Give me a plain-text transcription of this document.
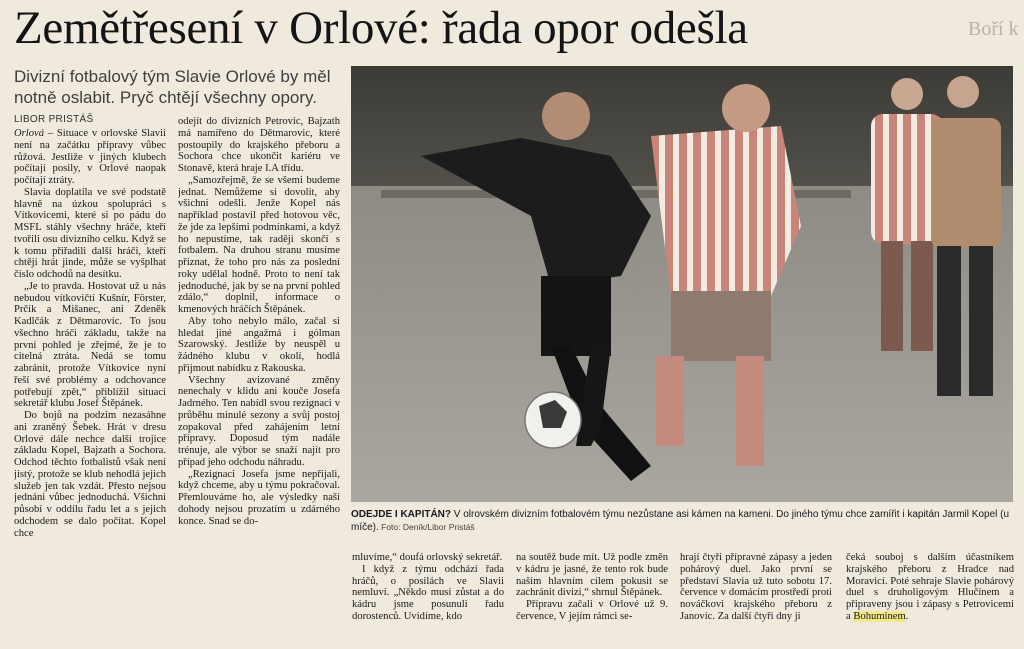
Zemětřesení v Orlové: řada opor odešla	Boří k
Divizní fotbalový tým Slavie Orlové by měl notně oslabit. Pryč chtějí všechny opory.
LIBOR PRISTÁŠ

Orlová – Situace v orlovské Slavii není na začátku přípravy vůbec růžová. Jestliže v jiných klubech počítají posily, v Orlové naopak počítají ztráty.

Slavia doplatila ve své podstatě hlavně na úzkou spolupráci s Vítkovicemi, které si po pádu do MSFL stáhly všechny hráče, kteří tvořili osu divizního celku. Když se k tomu přiřadili další hráči, kteří chtějí hrát jinde, může se vyšplhat číslo odchodů na desítku.

„Je to pravda. Hostovat už u nás nebudou vítkovičtí Kušnír, Förster, Prčík a Mišanec, ani Zdeněk Kadlčák z Dětmarovic. To jsou všechno hráči základu, takže na první pohled je zřejmé, že je to citelná ztráta. Nedá se tomu zabránit, protože Vítkovice nyní řeší své problémy a odchovance potřebují zpět,“ přiblížil situaci sekretář klubu Josef Štěpánek.

Do bojů na podzim nezasáhne ani zraněný Šebek. Hrát v dresu Orlové dále nechce další trojice základu Kopel, Bajzath a Sochora. Odchod těchto fotbalistů však není jistý, protože se klub nehodlá jejich služeb jen tak vzdát. Přesto nejsou jednáni vůbec jednoduchá. Všichni působí v oddílu řadu let a s jejich odchodem se dalo počítat. Kopel chce

odejít do divizních Petrovic, Bajzath má namířeno do Dětmarovic, které postoupily do krajského přeboru a Sochora chce ukončit kariéru ve Stonavě, která hraje I.A třídu.

„Samozřejmě, že se všemi budeme jednat. Nemůžeme si dovolit, aby všichni odešli. Jenže Kopel nás například postavil před hotovou věc, že jde za lepšími podmínkami, a když ho nepustíme, tak raději skončí s fotbalem. Na druhou stranu musíme přiznat, že toho pro nás za poslední roky udělal hodně. Proto to není tak jednoduché, jak by se na první pohled zdálo,“ doplnil, informace o kmenových hráčích Štěpánek.

Aby toho nebylo málo, začal si hledat jiné angažmá i gólman Szarowský. Jestliže by neuspěl u žádného klubu v okolí, hodlá přijmout nabídku z Rakouska.

Všechny avizované změny nenechaly v klidu ani kouče Josefa Jadrného. Ten nabídl svou rezignaci v průběhu minulé sezony a svůj postoj zopakoval před zahájením letní přípravy. Doposud tým nadále trénuje, ale výbor se snaží najít pro případ jeho odchodu náhradu.

„Rezignaci Josefa jsme nepřijali, když chceme, aby u týmu pokračoval. Přemlouváme ho, ale výsledky naší dohody nejsou prozatím u zdárného konce. Snad se do-

ODEJDE I KAPITÁN? V olrovském divizním fotbalovém týmu nezůstane asi kámen na kameni. Do jiného týmu chce zamířit i kapitán Jarmil Kopel (u míče). Foto: Deník/Libor Pristáš

mluvíme,“ doufá orlovský sekretář.

I když z týmu odchází řada hráčů, o posilách ve Slavii nemluví. „Někdo musí zůstat a do kádru jsme posunuli řadu dorostenců. Uvidíme, kdo

na soutěž bude mít. Už podle změn v kádru je jasné, že tento rok bude naším hlavním cílem pokusit se zachránit divizi,“ shrnul Štěpánek.

Přípravu začali v Orlové už 9. července, V jejím rámci se-

hrají čtyři přípravné zápasy a jeden pohárový duel. Jako první se představí Slavia už tuto sobotu 17. července v domácím prostředí proti nováčkovi krajského přeboru z Janovic. Za další čtyři dny ji

čeká souboj s dalším účastníkem krajského přeboru z Hradce nad Moravicí. Poté sehraje Slavie pohárový duel s druholigovým Hlučínem a připraveny jsou i zápasy s Petrovicemi a Bohumínem.
